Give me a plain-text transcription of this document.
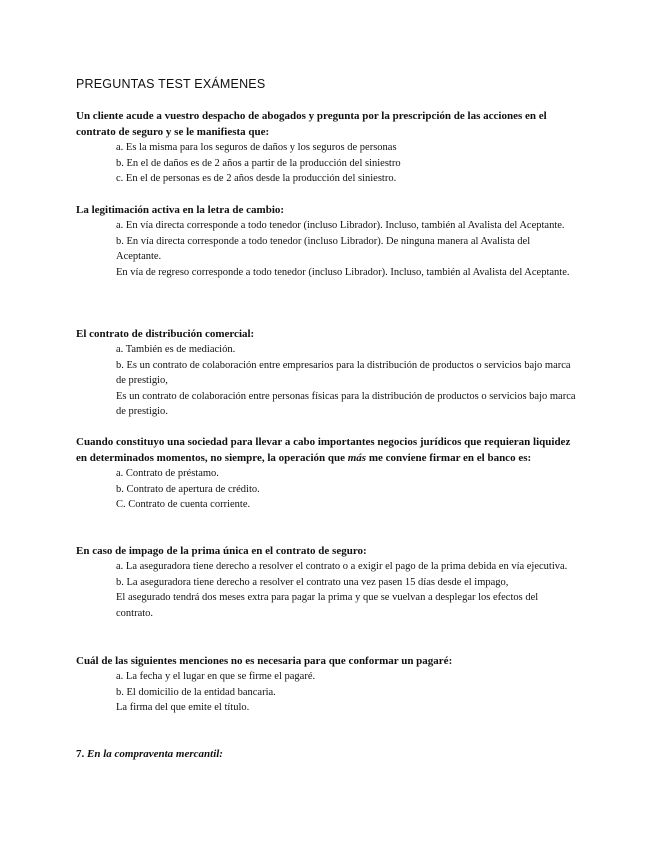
PREGUNTAS TEST EXÁMENES

Un cliente acude a vuestro despacho de abogados y pregunta por la prescripción de las acciones en el contrato de seguro y se le manifiesta que:

a. Es la misma para los seguros de daños y los seguros de personas

b. En el de daños es de 2 años a partir de la producción del siniestro

c. En el de personas es de 2 años desde la producción del siniestro.

La legitimación activa en la letra de cambio:

a. En vía directa corresponde a todo tenedor (incluso Librador). Incluso, también al Avalista del Aceptante.

b. En vía directa corresponde a todo tenedor (incluso Librador). De ninguna manera al Avalista del Aceptante.

En vía de regreso corresponde a todo tenedor (incluso Librador). Incluso, también al Avalista del Aceptante.

El contrato de distribución comercial:

a. También es de mediación.

b. Es un contrato de colaboración entre empresarios para la distribución de productos o servicios bajo marca de prestigio,

Es un contrato de colaboración entre personas físicas para la distribución de productos o servicios bajo marca de prestigio.

Cuando constituyo una sociedad para llevar a cabo importantes negocios jurídicos que requieran liquidez en determinados momentos, no siempre, la operación que más me conviene firmar en el banco es:

a. Contrato de préstamo.

b. Contrato de apertura de crédito.

C. Contrato de cuenta corriente.

En caso de impago de la prima única en el contrato de seguro:

a. La aseguradora tiene derecho a resolver el contrato o a exigir el pago de la prima debida en vía ejecutiva.

b. La aseguradora tiene derecho a resolver el contrato una vez pasen 15 días desde el impago,

El asegurado tendrá dos meses extra para pagar la prima y que se vuelvan a desplegar los efectos del contrato.

Cuál de las siguientes menciones no es necesaria para que conformar un pagaré:

a. La fecha y el lugar en que se firme el pagaré.

b. El domicilio de la entidad bancaria.

La firma del que emite el título.

7. En la compraventa mercantil:
